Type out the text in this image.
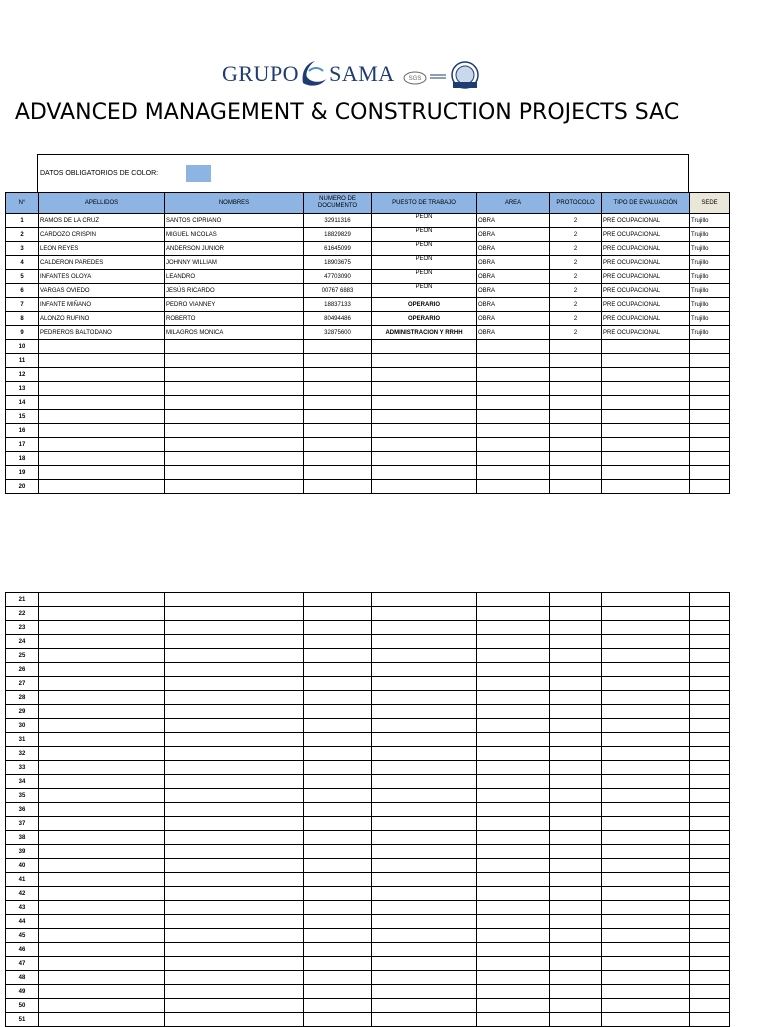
GRUPO SAMA SGS
ADVANCED MANAGEMENT & CONSTRUCTION PROJECTS SAC
DATOS OBLIGATORIOS DE COLOR:
N°	APELLIDOS	NOMBRES	NUMERO DE DOCUMENTO	PUESTO DE TRABAJO	AREA	PROTOCOLO	TIPO DE EVALUACIÓN	SEDE
1	RAMOS DE LA CRUZ	SANTOS CIPRIANO	32911316	PEON	OBRA	2	PRE OCUPACIONAL	Trujillo
2	CARDOZO CRISPIN	MIGUEL NICOLAS	18829829	PEON	OBRA	2	PRE OCUPACIONAL	Trujillo
3	LEON REYES	ANDERSON JUNIOR	61645099	PEON	OBRA	2	PRE OCUPACIONAL	Trujillo
4	CALDERON PAREDES	JOHNNY WILLIAM	18903675	PEON	OBRA	2	PRE OCUPACIONAL	Trujillo
5	INFANTES OLOYA	LEANDRO	47703090	PEON	OBRA	2	PRE OCUPACIONAL	Trujillo
6	VARGAS OVIEDO	JESÚS RICARDO	00767 6883	PEON	OBRA	2	PRE OCUPACIONAL	Trujillo
7	INFANTE MIÑANO	PEDRO VIANNEY	18837133	OPERARIO	OBRA	2	PRE OCUPACIONAL	Trujillo
8	ALONZO RUFINO	ROBERTO	80494486	OPERARIO	OBRA	2	PRE OCUPACIONAL	Trujillo
9	PEDREROS BALTODANO	MILAGROS MONICA	32875600	ADMINISTRACION Y RRHH	OBRA	2	PRE OCUPACIONAL	Trujillo
10								
11								
12								
13								
14								
15								
16								
17								
18								
19								
20								
21								
22								
23								
24								
25								
26								
27								
28								
29								
30								
31								
32								
33								
34								
35								
36								
37								
38								
39								
40								
41								
42								
43								
44								
45								
46								
47								
48								
49								
50								
51								
